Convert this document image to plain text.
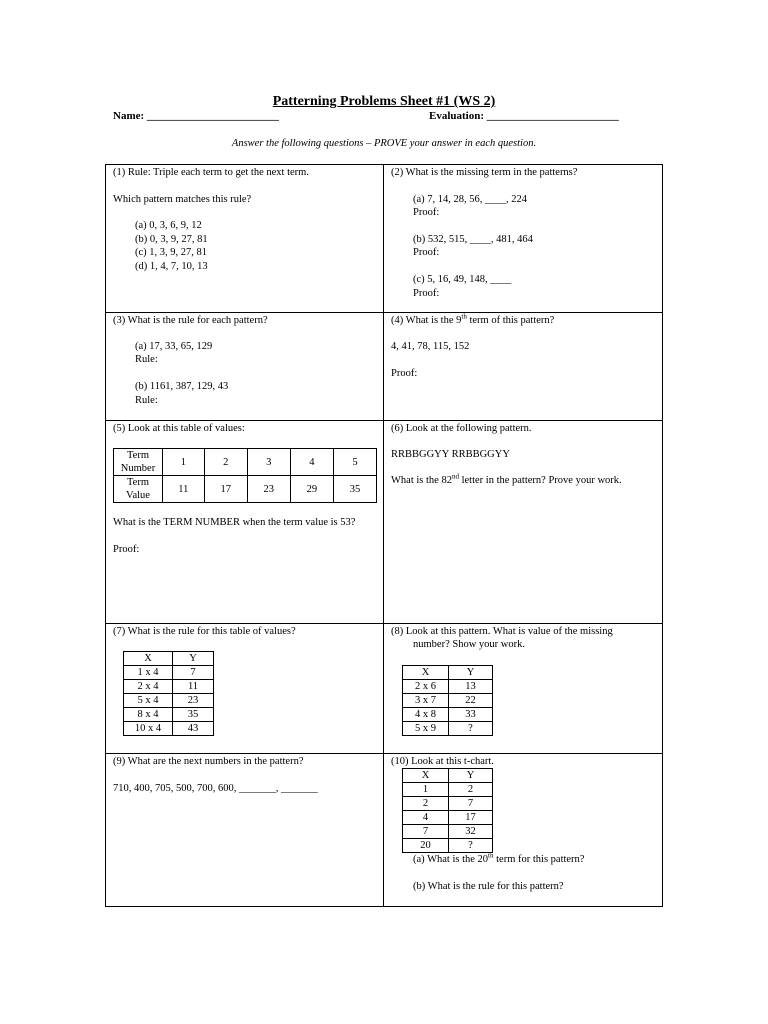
Patterning Problems Sheet #1 (WS 2)
Name: ________________________	Evaluation: ________________________
Answer the following questions – PROVE your answer in each question.
(1) Rule: Triple each term to get the next term.
Which pattern matches this rule?
(a) 0, 3, 6, 9, 12
(b) 0, 3, 9, 27, 81
(c) 1, 3, 9, 27, 81
(d) 1, 4, 7, 10, 13
(2) What is the missing term in the patterns?
(a) 7, 14, 28, 56, ____, 224
Proof:
(b) 532, 515, ____, 481, 464
Proof:
(c) 5, 16, 49, 148, ____
Proof:
(3) What is the rule for each pattern?
(a) 17, 33, 65, 129
Rule:
(b) 1161, 387, 129, 43
Rule:
(4) What is the 9th term of this pattern?
4, 41, 78, 115, 152
Proof:
(5) Look at this table of values:
Term
Number	1	2	3	4	5
Term
Value	11	17	23	29	35
What is the TERM NUMBER when the term value is 53?
Proof:
(6) Look at the following pattern.
RRBBGGYY RRBBGGYY
What is the 82nd letter in the pattern? Prove your work.
(7) What is the rule for this table of values?
X	Y
1 x 4	7
2 x 4	11
5 x 4	23
8 x 4	35
10 x 4	43
(8) Look at this pattern. What is value of the missing
number? Show your work.
X	Y
2 x 6	13
3 x 7	22
4 x 8	33
5 x 9	?
(9) What are the next numbers in the pattern?
710, 400, 705, 500, 700, 600, _______, _______
(10) Look at this t-chart.
X	Y
1	2
2	7
4	17
7	32
20	?
(a) What is the 20th term for this pattern?
(b) What is the rule for this pattern?
